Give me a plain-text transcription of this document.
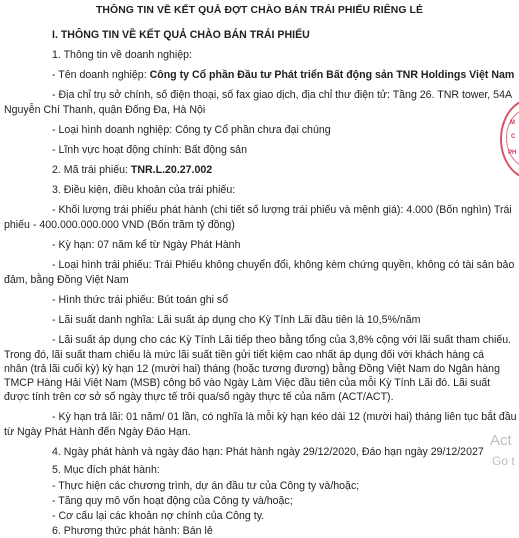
THÔNG TIN VỀ KẾT QUẢ ĐỢT CHÀO BÁN TRÁI PHIẾU RIÊNG LẺ
I. THÔNG TIN VỀ KẾT QUẢ CHÀO BÁN TRÁI PHIẾU
1. Thông tin về doanh nghiệp:
- Tên doanh nghiệp: Công ty Cổ phần Đầu tư Phát triển Bất động sản TNR Holdings Việt Nam
- Địa chỉ trụ sở chính, số điện thoại, số fax giao dịch, địa chỉ thư điện tử: Tầng 26. TNR tower, 54A
Nguyễn Chí Thanh, quận Đống Đa, Hà Nội
- Loại hình doanh nghiệp: Công ty Cổ phần chưa đại chúng
- Lĩnh vực hoạt động chính: Bất động sản
2. Mã trái phiếu: TNR.L.20.27.002
3. Điều kiện, điều khoản của trái phiếu:
- Khối lượng trái phiếu phát hành (chi tiết số lượng trái phiếu và mệnh giá): 4.000 (Bốn nghìn) Trái
phiếu - 400.000.000.000 VND (Bốn trăm tỷ đồng)
- Kỳ hạn: 07 năm kể từ Ngày Phát Hành
- Loại hình trái phiếu: Trái Phiếu không chuyển đổi, không kèm chứng quyền, không có tài sản bảo
đảm, bằng Đồng Việt Nam
- Hình thức trái phiếu: Bút toán ghi sổ
- Lãi suất danh nghĩa: Lãi suất áp dụng cho Kỳ Tính Lãi đầu tiên là 10,5%/năm
- Lãi suất áp dụng cho các Kỳ Tính Lãi tiếp theo bằng tổng của 3,8% cộng với lãi suất tham chiếu.
Trong đó, lãi suất tham chiếu là mức lãi suất tiền gửi tiết kiệm cao nhất áp dụng đối với khách hàng cá
nhân (trả lãi cuối kỳ) kỳ hạn 12 (mười hai) tháng (hoặc tương đương) bằng Đồng Việt Nam do Ngân hàng
TMCP Hàng Hải Việt Nam (MSB) công bố vào Ngày Làm Việc đầu tiên của mỗi Kỳ Tính Lãi đó. Lãi suất
được tính trên cơ sở số ngày thực tế trôi qua/số ngày thực tế của năm (ACT/ACT).
- Kỳ hạn trả lãi: 01 năm/ 01 lần, có nghĩa là mỗi kỳ hạn kéo dài 12 (mười hai) tháng liên tục bắt đầu
từ Ngày Phát Hành đến Ngày Đáo Hạn.
4. Ngày phát hành và ngày đáo hạn: Phát hành ngày 29/12/2020, Đáo hạn ngày 29/12/2027
5. Mục đích phát hành:
- Thực hiện các chương trình, dự án đầu tư của Công ty và/hoặc;
- Tăng quy mô vốn hoạt động của Công ty và/hoặc;
- Cơ cấu lại các khoản nợ chính của Công ty.
6. Phương thức phát hành: Bán lẻ
M
C
PH
Act
Go t
